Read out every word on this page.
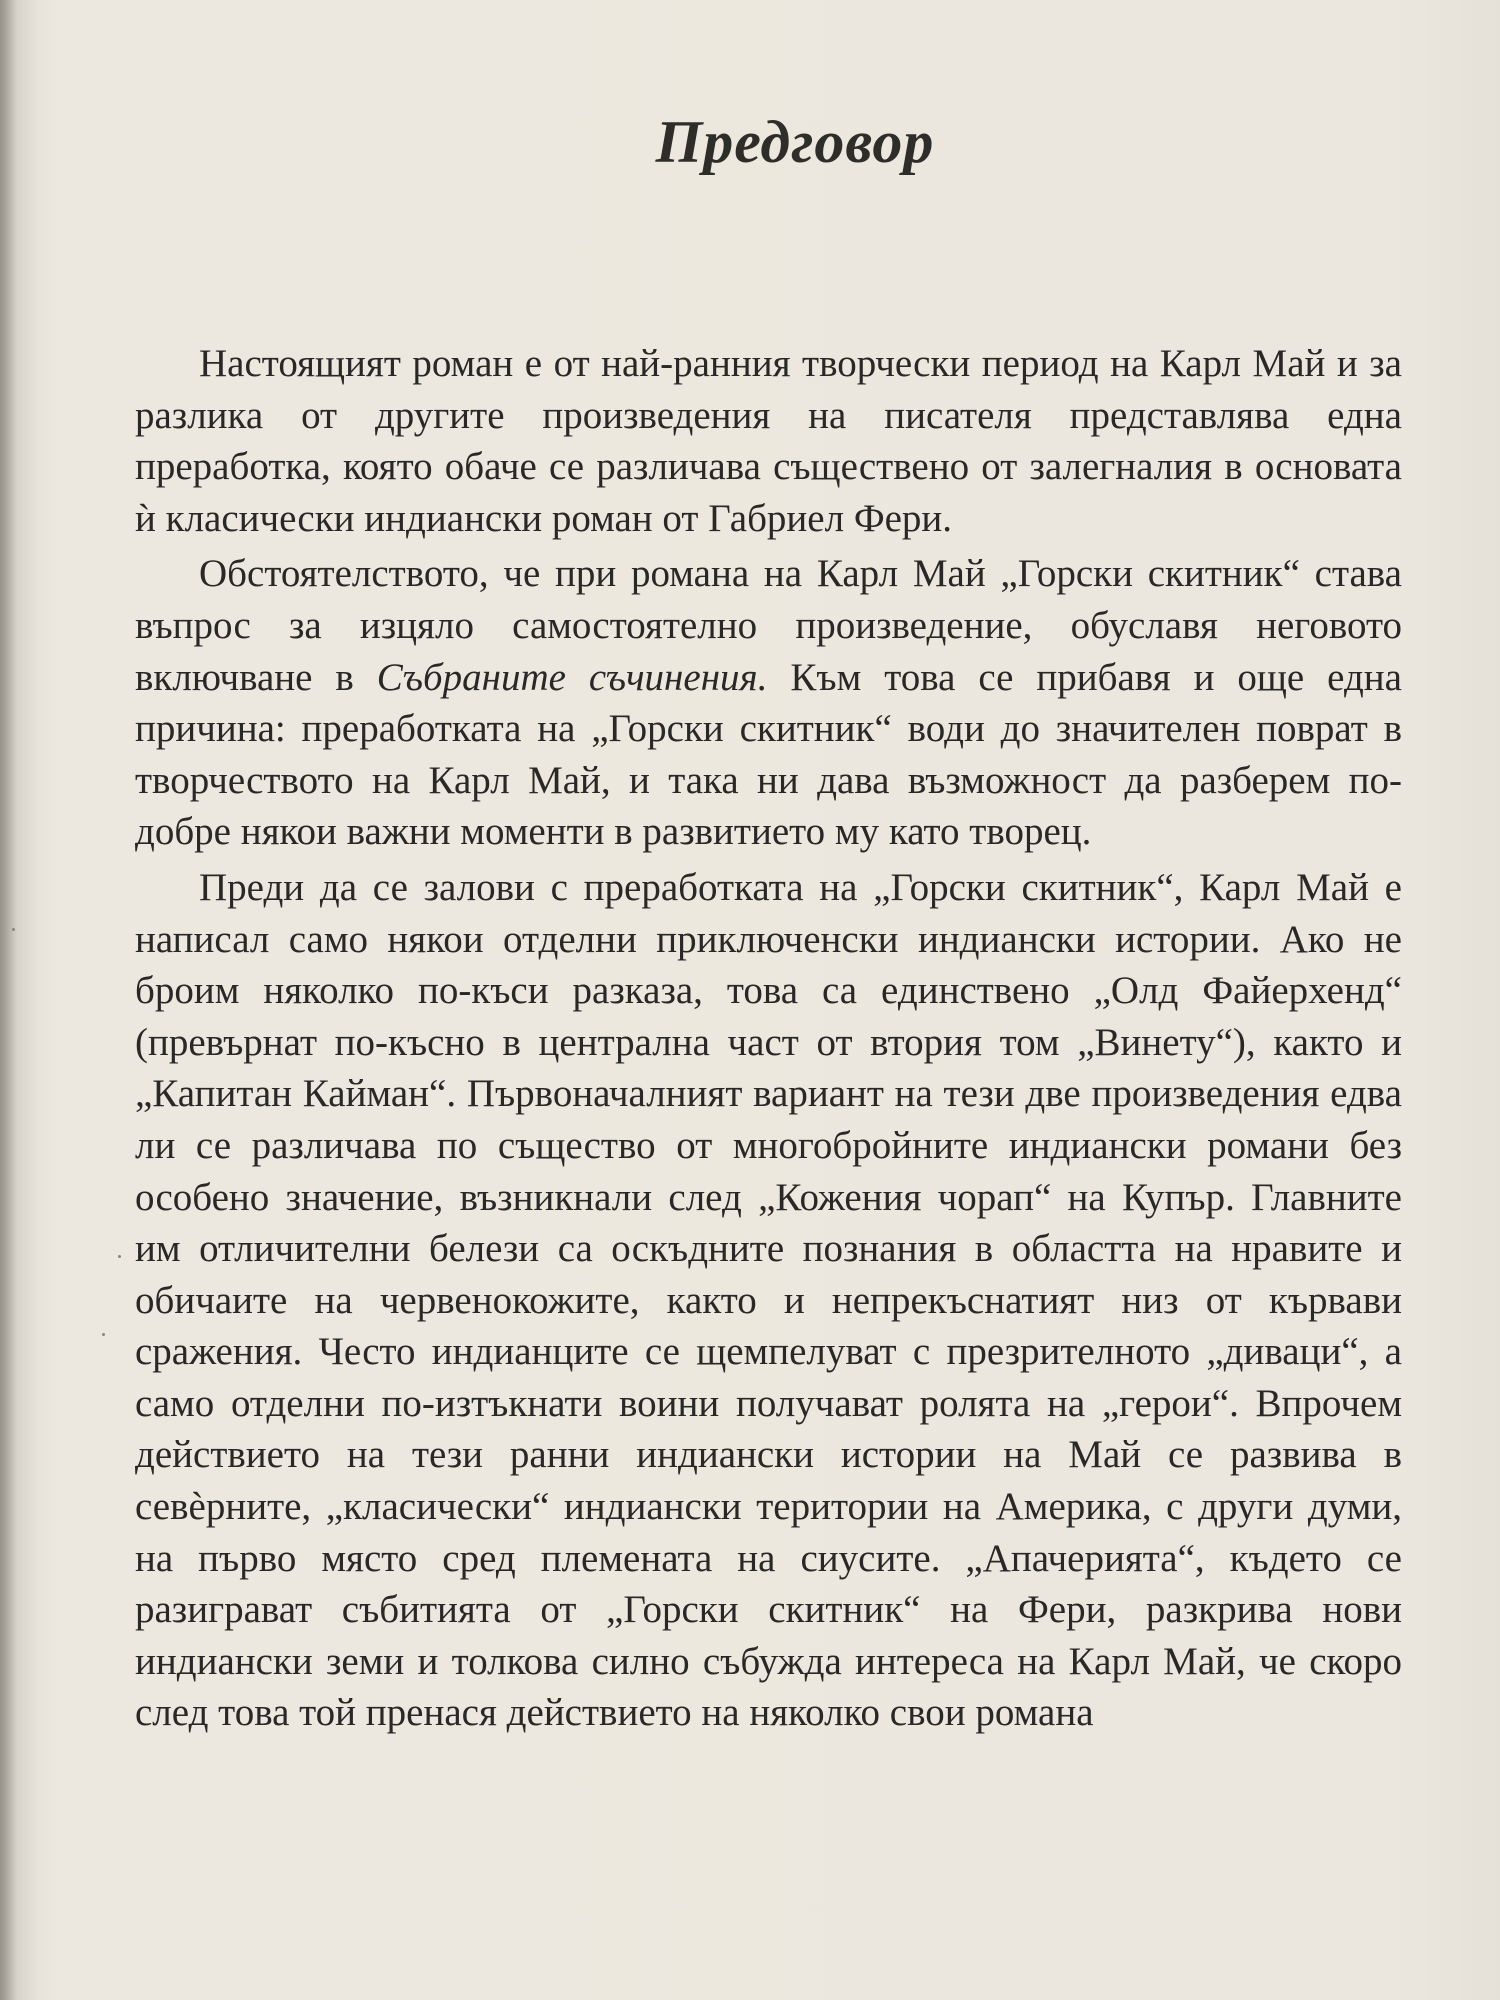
Предговор

Настоящият роман е от най-ранния творчески период на Карл Май и за разлика от другите произведения на писателя представлява една преработка, която обаче се различава съществено от залегналия в основата ѝ класически индиански роман от Габриел Фери.

Обстоятелството, че при романа на Карл Май „Горски скитник“ става въпрос за изцяло самостоятелно произведение, обуславя неговото включване в Събраните съчинения. Към това се прибавя и още една причина: преработката на „Горски скитник“ води до значителен поврат в творчеството на Карл Май, и така ни дава възможност да разберем по-добре някои важни моменти в развитието му като творец.

Преди да се залови с преработката на „Горски скитник“, Карл Май е написал само някои отделни приключенски индиански истории. Ако не броим няколко по-къси разказа, това са единствено „Олд Файерхенд“ (превърнат по-късно в централна част от втория том „Винету“), както и „Капитан Кайман“. Първоначалният вариант на тези две произведения едва ли се различава по същество от многобройните индиански романи без особено значение, възникнали след „Кожения чорап“ на Купър. Главните им отличителни белези са оскъдните познания в областта на нравите и обичаите на червенокожите, както и непрекъснатият низ от кървави сражения. Често индианците се щемпелуват с презрителното „диваци“, а само отделни по-изтъкнати воини получават ролята на „герои“. Впрочем действието на тези ранни индиански истории на Май се развива в севèрните, „класически“ индиански територии на Америка, с други думи, на първо място сред племената на сиусите. „Апачерията“, където се разиграват събитията от „Горски скитник“ на Фери, разкрива нови индиански земи и толкова силно събужда интереса на Карл Май, че скоро след това той пренася действието на няколко свои романа
